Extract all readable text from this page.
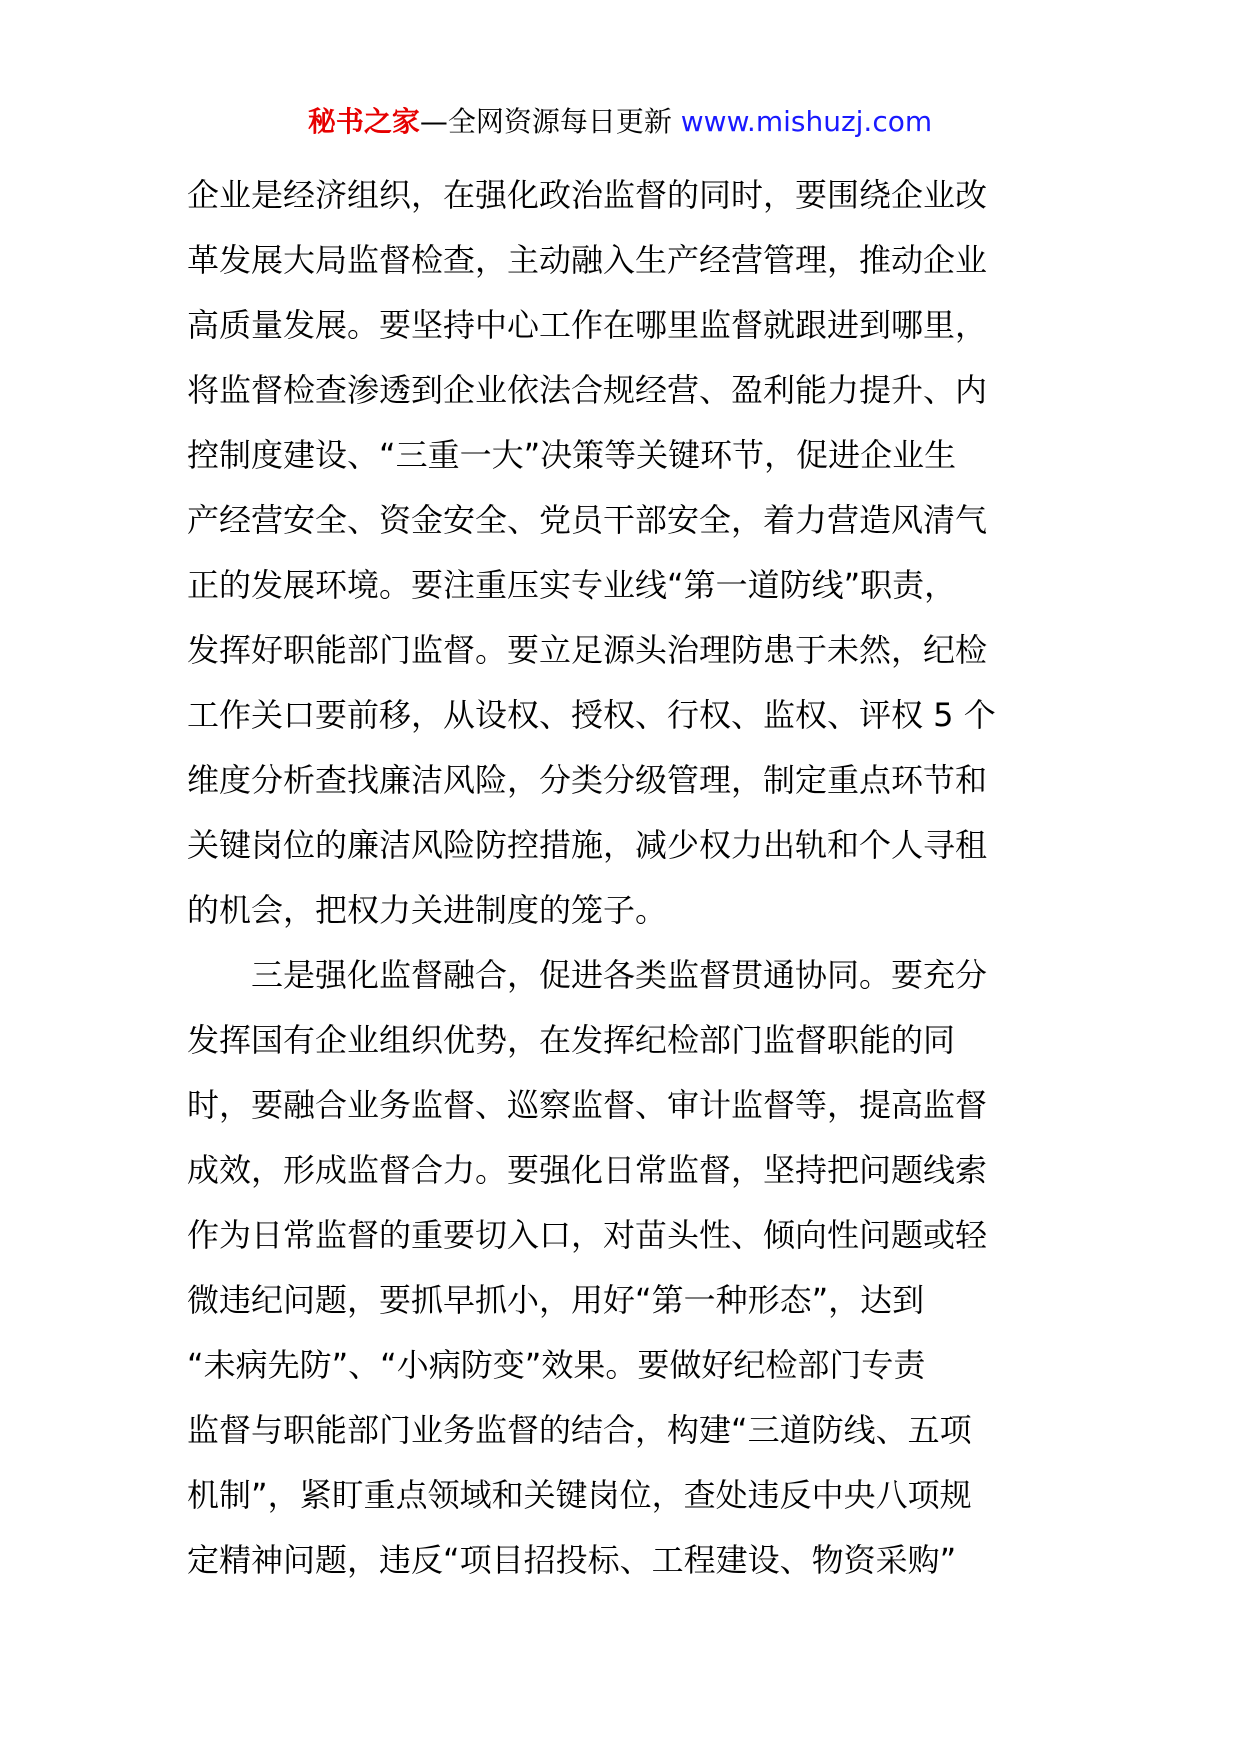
秘书之家—全网资源每日更新 www.mishuzj.com
企业是经济组织，在强化政治监督的同时，要围绕企业改
革发展大局监督检查，主动融入生产经营管理，推动企业
高质量发展。要坚持中心工作在哪里监督就跟进到哪里，
将监督检查渗透到企业依法合规经营、盈利能力提升、内
控制度建设、“三重一大”决策等关键环节，促进企业生
产经营安全、资金安全、党员干部安全，着力营造风清气
正的发展环境。要注重压实专业线“第一道防线”职责，
发挥好职能部门监督。要立足源头治理防患于未然，纪检
工作关口要前移，从设权、授权、行权、监权、评权 5 个
维度分析查找廉洁风险，分类分级管理，制定重点环节和
关键岗位的廉洁风险防控措施，减少权力出轨和个人寻租
的机会，把权力关进制度的笼子。
　　三是强化监督融合，促进各类监督贯通协同。要充分
发挥国有企业组织优势，在发挥纪检部门监督职能的同
时，要融合业务监督、巡察监督、审计监督等，提高监督
成效，形成监督合力。要强化日常监督，坚持把问题线索
作为日常监督的重要切入口，对苗头性、倾向性问题或轻
微违纪问题，要抓早抓小，用好“第一种形态”，达到
“未病先防”、“小病防变”效果。要做好纪检部门专责
监督与职能部门业务监督的结合，构建“三道防线、五项
机制”，紧盯重点领域和关键岗位，查处违反中央八项规
定精神问题，违反“项目招投标、工程建设、物资采购”
